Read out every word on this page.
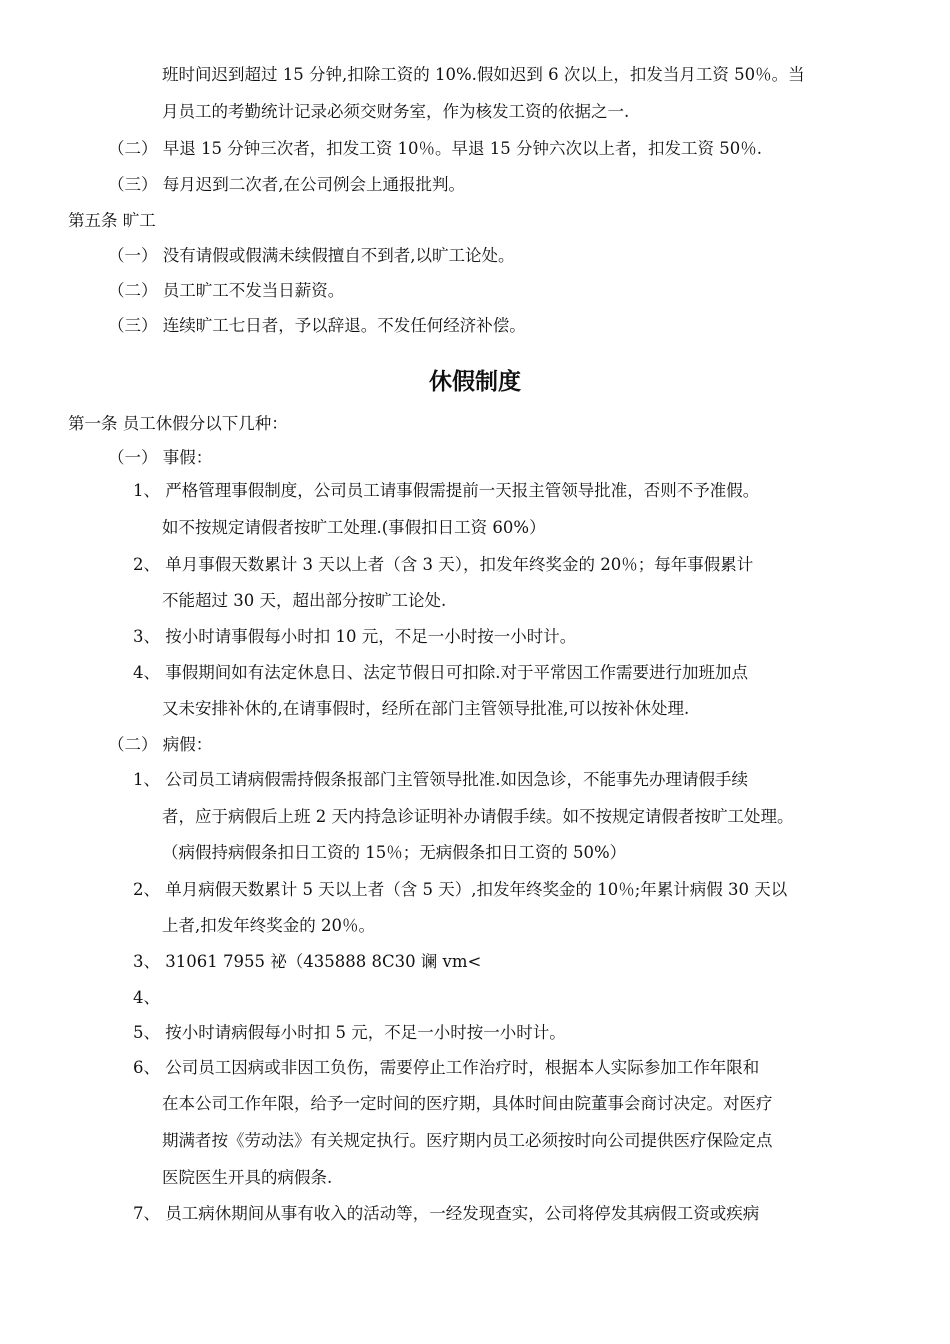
休假制度
班时间迟到超过 15 分钟,扣除工资的 10%.假如迟到 6 次以上，扣发当月工资 50％。当
月员工的考勤统计记录必须交财务室，作为核发工资的依据之一.
（二） 早退 15 分钟三次者，扣发工资 10％。早退 15 分钟六次以上者，扣发工资 50％.
（三） 每月迟到二次者,在公司例会上通报批判。
第五条 旷工
（一） 没有请假或假满未续假擅自不到者,以旷工论处。
（二） 员工旷工不发当日薪资。
（三） 连续旷工七日者，予以辞退。不发任何经济补偿。
第一条 员工休假分以下几种：
（一） 事假：
1、 严格管理事假制度，公司员工请事假需提前一天报主管领导批准，否则不予准假。
如不按规定请假者按旷工处理.(事假扣日工资 60%）
2、 单月事假天数累计 3 天以上者（含 3 天），扣发年终奖金的 20％；每年事假累计
不能超过 30 天，超出部分按旷工论处.
3、 按小时请事假每小时扣 10 元，不足一小时按一小时计。
4、 事假期间如有法定休息日、法定节假日可扣除.对于平常因工作需要进行加班加点
又未安排补休的,在请事假时，经所在部门主管领导批准,可以按补休处理.
（二） 病假：
1、 公司员工请病假需持假条报部门主管领导批准.如因急诊，不能事先办理请假手续
者，应于病假后上班 2 天内持急诊证明补办请假手续。如不按规定请假者按旷工处理。
（病假持病假条扣日工资的 15％；无病假条扣日工资的 50%）
2、 单月病假天数累计 5 天以上者（含 5 天）,扣发年终奖金的 10％;年累计病假 30 天以
上者,扣发年终奖金的 20％。
3、 31061 7955 祕（435888 8C30 谰 vm<
4、
5、 按小时请病假每小时扣 5 元，不足一小时按一小时计。
6、 公司员工因病或非因工负伤，需要停止工作治疗时，根据本人实际参加工作年限和
在本公司工作年限，给予一定时间的医疗期，具体时间由院董事会商讨决定。对医疗
期满者按《劳动法》有关规定执行。医疗期内员工必须按时向公司提供医疗保险定点
医院医生开具的病假条.
7、 员工病休期间从事有收入的活动等，一经发现查实，公司将停发其病假工资或疾病
